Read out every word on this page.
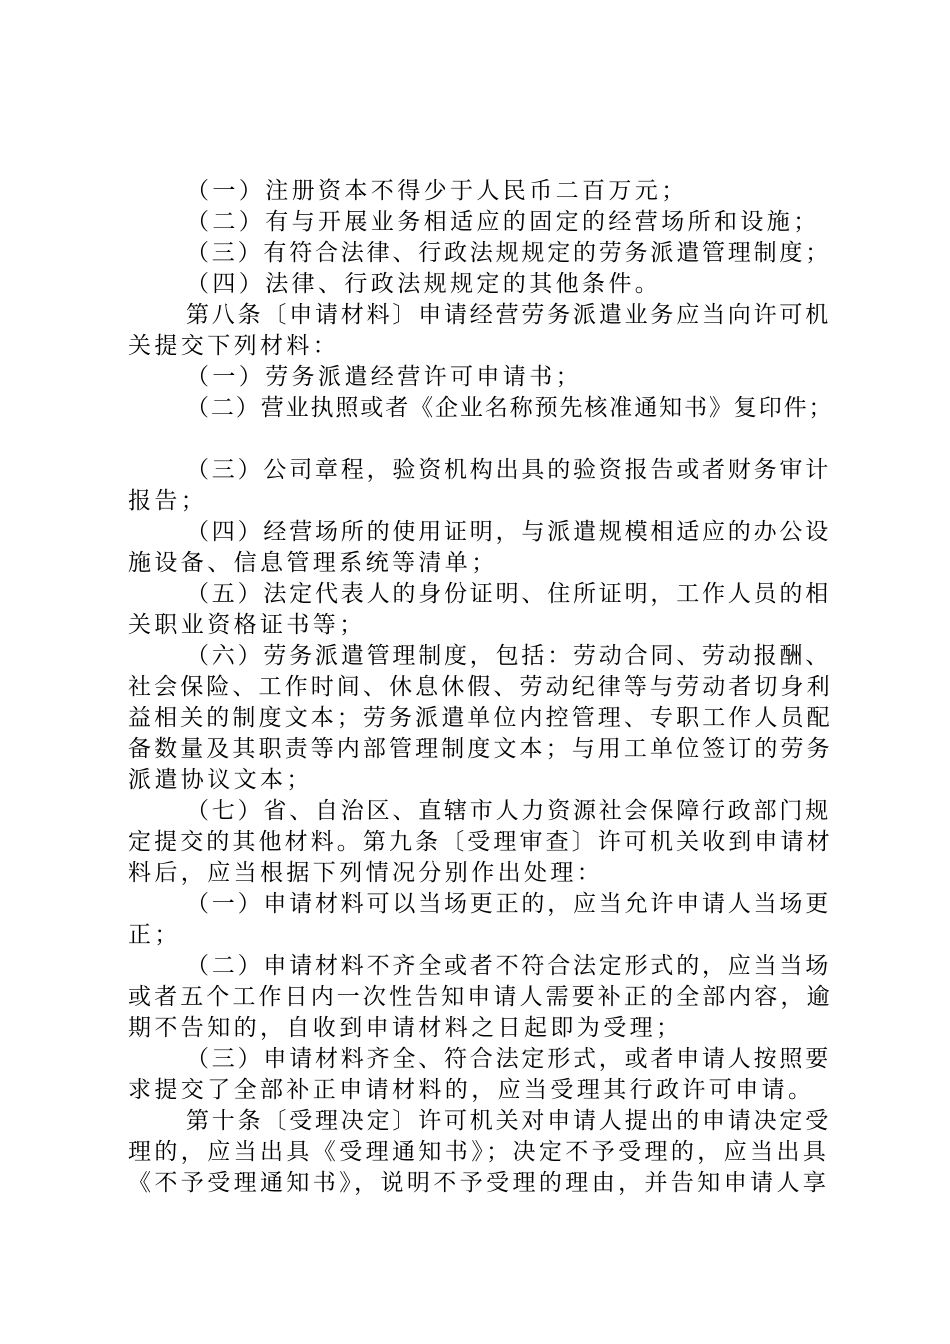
（一）注册资本不得少于人民币二百万元；
（二）有与开展业务相适应的固定的经营场所和设施；
（三）有符合法律、行政法规规定的劳务派遣管理制度；
（四）法律、行政法规规定的其他条件。
第八条〔申请材料〕申请经营劳务派遣业务应当向许可机
关提交下列材料：
（一）劳务派遣经营许可申请书；
（二）营业执照或者《企业名称预先核准通知书》复印件；
（三）公司章程，验资机构出具的验资报告或者财务审计
报告；
（四）经营场所的使用证明，与派遣规模相适应的办公设
施设备、信息管理系统等清单；
（五）法定代表人的身份证明、住所证明，工作人员的相
关职业资格证书等；
（六）劳务派遣管理制度，包括：劳动合同、劳动报酬、
社会保险、工作时间、休息休假、劳动纪律等与劳动者切身利
益相关的制度文本；劳务派遣单位内控管理、专职工作人员配
备数量及其职责等内部管理制度文本；与用工单位签订的劳务
派遣协议文本；
（七）省、自治区、直辖市人力资源社会保障行政部门规
定提交的其他材料。第九条〔受理审查〕许可机关收到申请材
料后，应当根据下列情况分别作出处理：
（一）申请材料可以当场更正的，应当允许申请人当场更
正；
（二）申请材料不齐全或者不符合法定形式的，应当当场
或者五个工作日内一次性告知申请人需要补正的全部内容，逾
期不告知的，自收到申请材料之日起即为受理；
（三）申请材料齐全、符合法定形式，或者申请人按照要
求提交了全部补正申请材料的，应当受理其行政许可申请。
第十条〔受理决定〕许可机关对申请人提出的申请决定受
理的，应当出具《受理通知书》；决定不予受理的，应当出具
《不予受理通知书》，说明不予受理的理由，并告知申请人享
